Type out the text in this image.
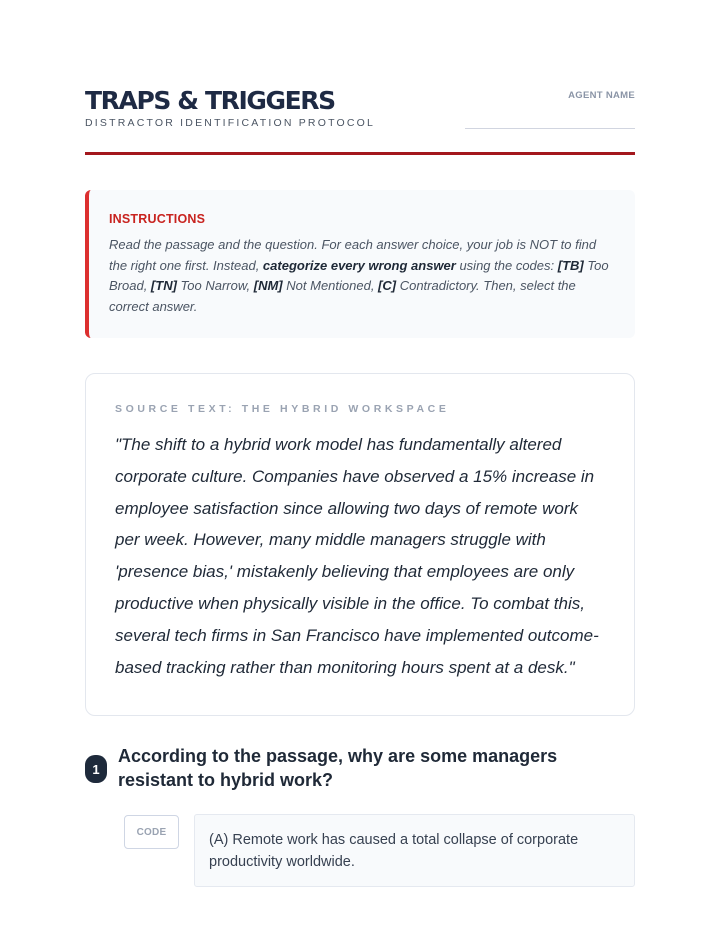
TRAPS & TRIGGERS
DISTRACTOR IDENTIFICATION PROTOCOL
AGENT NAME
INSTRUCTIONS
Read the passage and the question. For each answer choice, your job is NOT to find the right one first. Instead, categorize every wrong answer using the codes: [TB] Too Broad, [TN] Too Narrow, [NM] Not Mentioned, [C] Contradictory. Then, select the correct answer.
SOURCE TEXT: THE HYBRID WORKSPACE
"The shift to a hybrid work model has fundamentally altered corporate culture. Companies have observed a 15% increase in employee satisfaction since allowing two days of remote work per week. However, many middle managers struggle with 'presence bias,' mistakenly believing that employees are only productive when physically visible in the office. To combat this, several tech firms in San Francisco have implemented outcome-based tracking rather than monitoring hours spent at a desk."
1
According to the passage, why are some managers resistant to hybrid work?
CODE	(A) Remote work has caused a total collapse of corporate productivity worldwide.
